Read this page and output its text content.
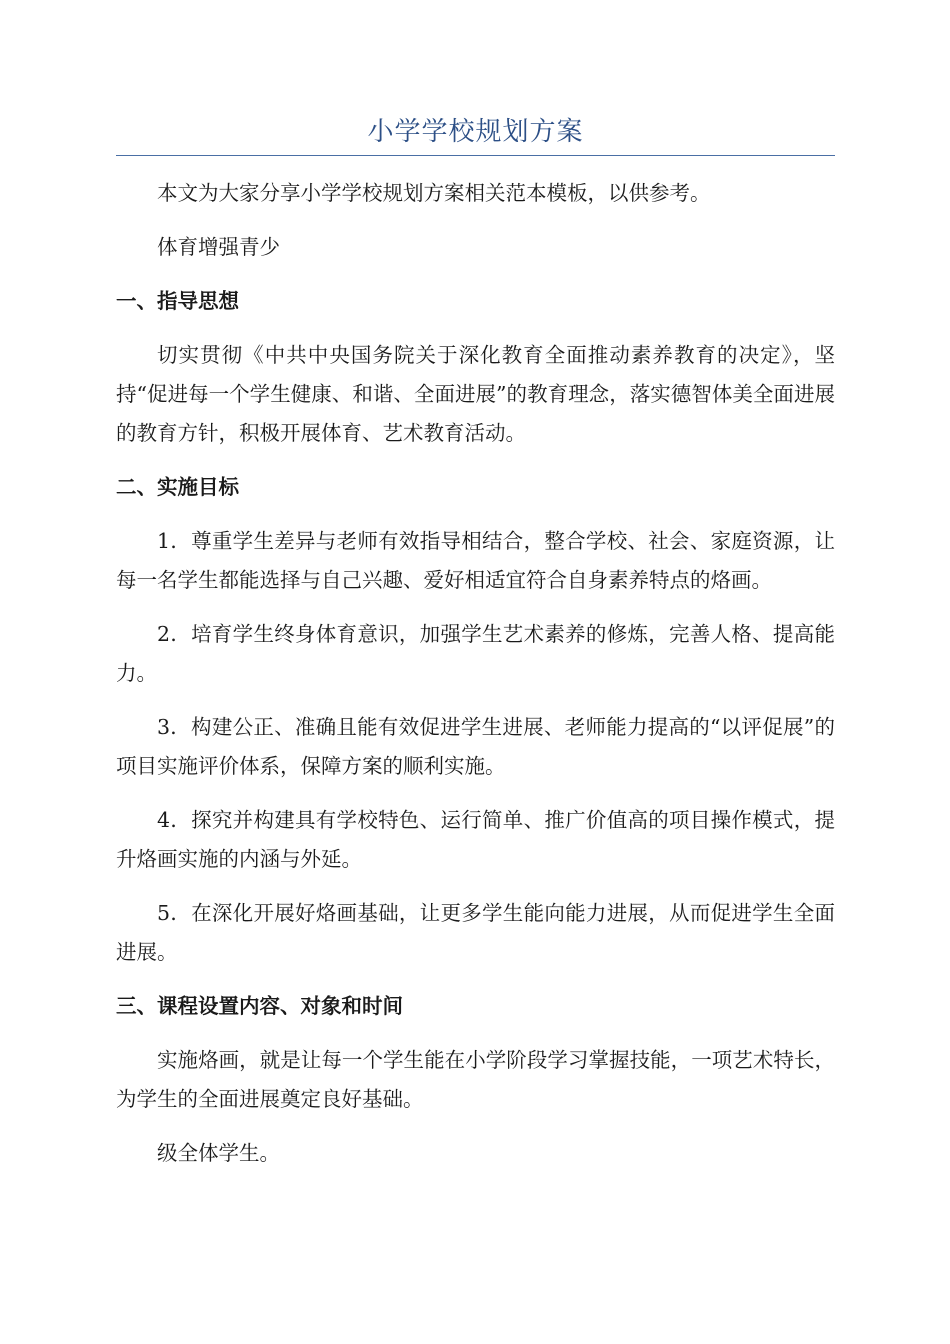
小学学校规划方案

本文为大家分享小学学校规划方案相关范本模板，以供参考。

体育增强青少

一、指导思想

切实贯彻《中共中央国务院关于深化教育全面推动素养教育的决定》，坚持“促进每一个学生健康、和谐、全面进展”的教育理念，落实德智体美全面进展的教育方针，积极开展体育、艺术教育活动。

二、实施目标

1．尊重学生差异与老师有效指导相结合，整合学校、社会、家庭资源，让每一名学生都能选择与自己兴趣、爱好相适宜符合自身素养特点的烙画。

2．培育学生终身体育意识，加强学生艺术素养的修炼，完善人格、提高能力。

3．构建公正、准确且能有效促进学生进展、老师能力提高的“以评促展”的项目实施评价体系，保障方案的顺利实施。

4．探究并构建具有学校特色、运行简单、推广价值高的项目操作模式，提升烙画实施的内涵与外延。

5．在深化开展好烙画基础，让更多学生能向能力进展，从而促进学生全面进展。

三、课程设置内容、对象和时间

实施烙画，就是让每一个学生能在小学阶段学习掌握技能，一项艺术特长，为学生的全面进展奠定良好基础。

级全体学生。
